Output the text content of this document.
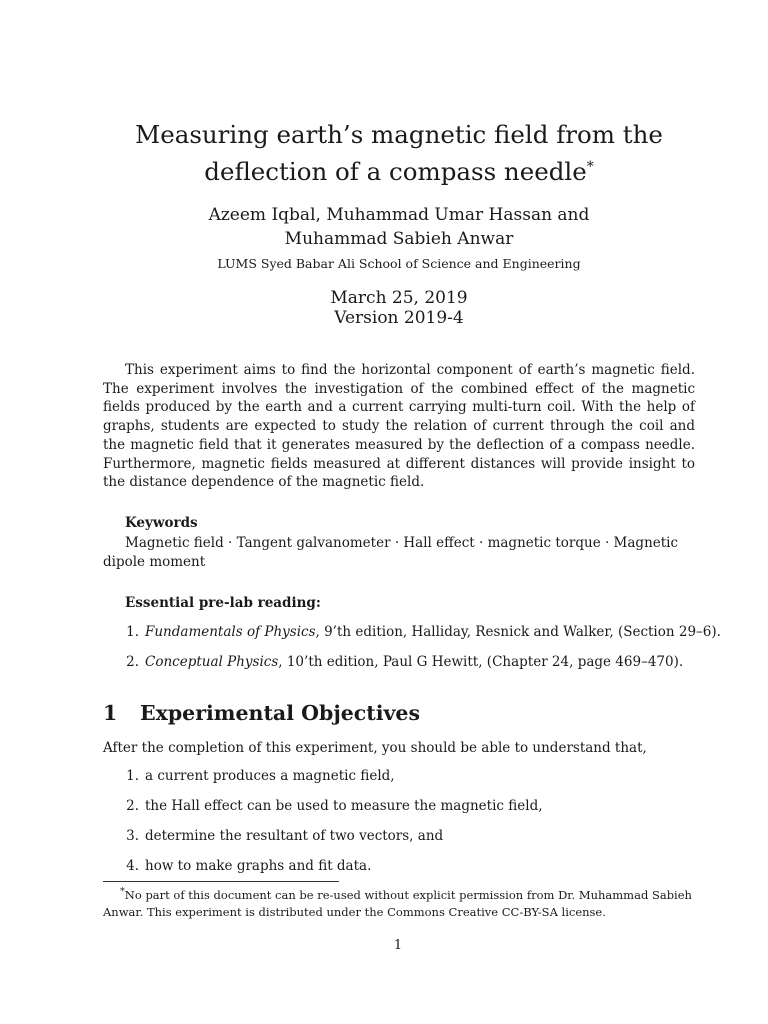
Measuring earth’s magnetic field from the deflection of a compass needle*
Azeem Iqbal, Muhammad Umar Hassan and
Muhammad Sabieh Anwar
LUMS Syed Babar Ali School of Science and Engineering
March 25, 2019
Version 2019-4

This experiment aims to find the horizontal component of earth’s magnetic field. The experiment involves the investigation of the combined effect of the magnetic fields produced by the earth and a current carrying multi-turn coil. With the help of graphs, students are expected to study the relation of current through the coil and the magnetic field that it generates measured by the deflection of a compass needle. Furthermore, magnetic fields measured at different distances will provide insight to the distance dependence of the magnetic field.

Keywords

Magnetic field · Tangent galvanometer · Hall effect · magnetic torque · Magnetic dipole moment

Essential pre-lab reading:
1. Fundamentals of Physics, 9’th edition, Halliday, Resnick and Walker, (Section 29–6).
2. Conceptual Physics, 10’th edition, Paul G Hewitt, (Chapter 24, page 469–470).
1 Experimental Objectives
After the completion of this experiment, you should be able to understand that,
1. a current produces a magnetic field,
2. the Hall effect can be used to measure the magnetic field,
3. determine the resultant of two vectors, and
4. how to make graphs and fit data.

*No part of this document can be re-used without explicit permission from Dr. Muhammad Sabieh Anwar. This experiment is distributed under the Commons Creative CC-BY-SA license.

1
